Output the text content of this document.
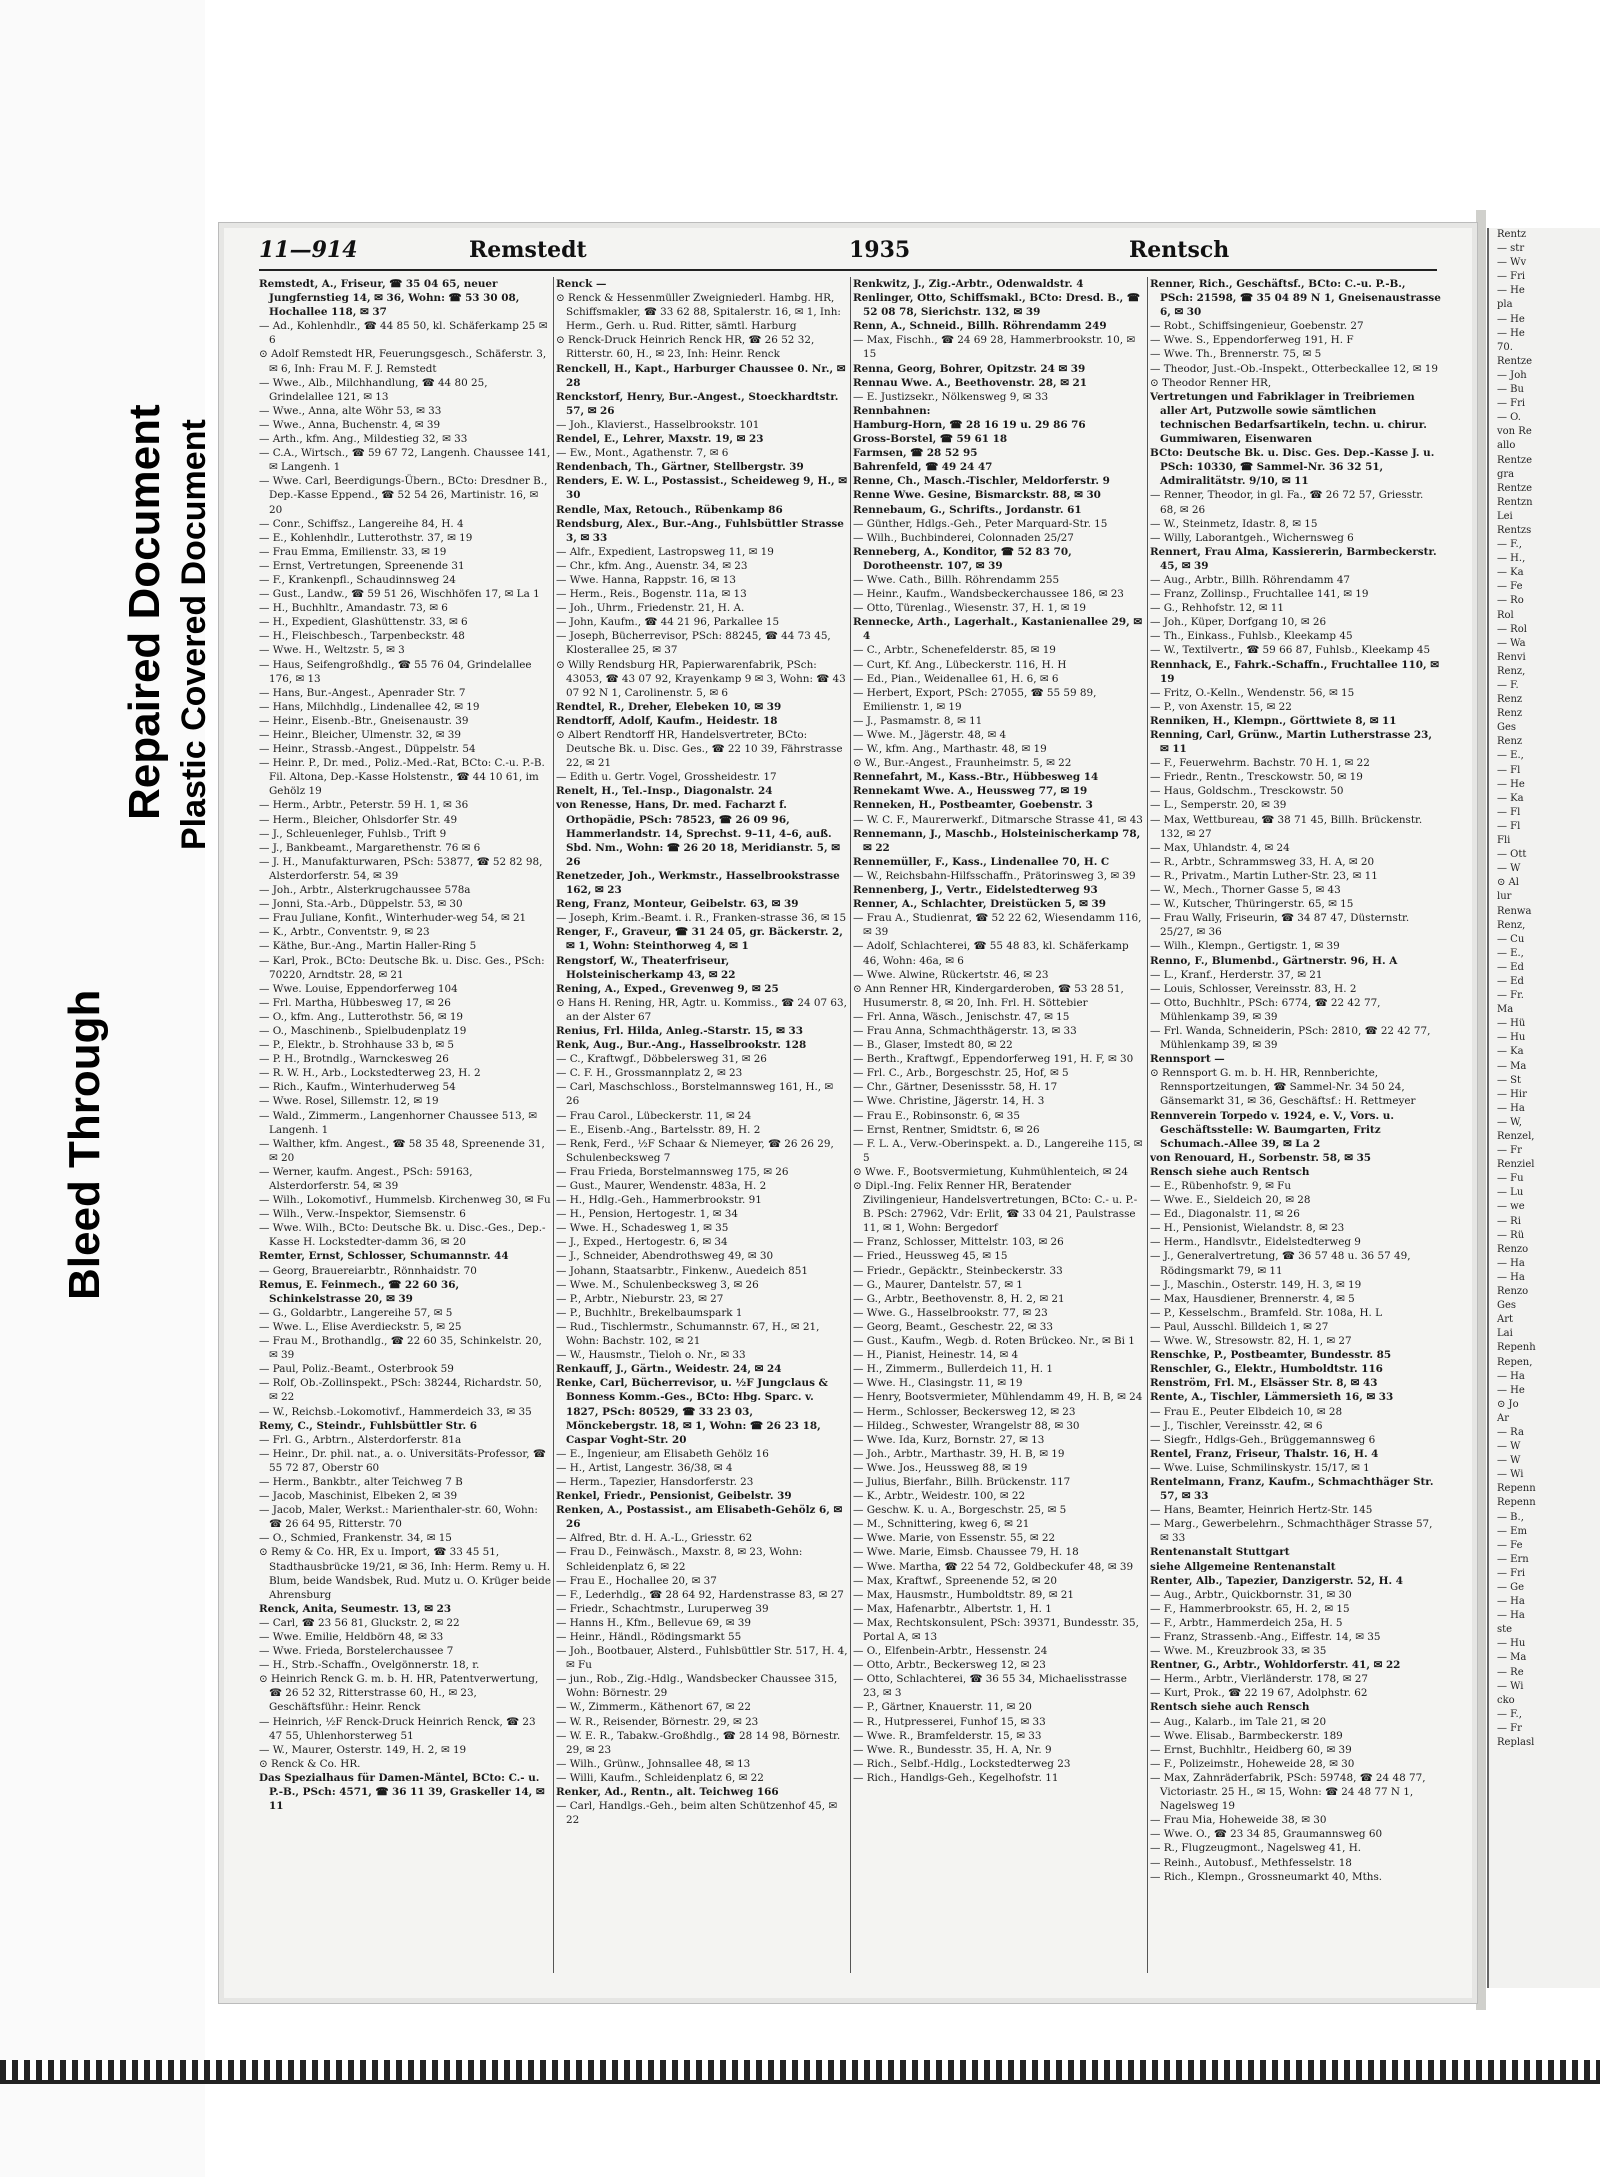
Bleed Through
Repaired Document Plastic Covered Document
11—914	Remstedt	1935	Rentsch

Remstedt, A., Friseur, ☎ 35 04 65, neuer Jungfernstieg 14, ✉ 36, Wohn: ☎ 53 30 08, Hochallee 118, ✉ 37

— Ad., Kohlenhdlr., ☎ 44 85 50, kl. Schäferkamp 25 ✉ 6

⊙ Adolf Remstedt HR, Feuerungsgesch., Schäferstr. 3, ✉ 6, Inh: Frau M. F. J. Remstedt

— Wwe., Alb., Milchhandlung, ☎ 44 80 25, Grindelallee 121, ✉ 13

— Wwe., Anna, alte Wöhr 53, ✉ 33

— Wwe., Anna, Buchenstr. 4, ✉ 39

— Arth., kfm. Ang., Mildestieg 32, ✉ 33

— C.A., Wirtsch., ☎ 59 67 72, Langenh. Chaussee 141, ✉ Langenh. 1

— Wwe. Carl, Beerdigungs-Übern., BCto: Dresdner B., Dep.-Kasse Eppend., ☎ 52 54 26, Martinistr. 16, ✉ 20

— Conr., Schiffsz., Langereihe 84, H. 4

— E., Kohlenhdlr., Lutterothstr. 37, ✉ 19

— Frau Emma, Emilienstr. 33, ✉ 19

— Ernst, Vertretungen, Spreenende 31

— F., Krankenpfl., Schaudinnsweg 24

— Gust., Landw., ☎ 59 51 26, Wischhöfen 17, ✉ La 1

— H., Buchhltr., Amandastr. 73, ✉ 6

— H., Expedient, Glashüttenstr. 33, ✉ 6

— H., Fleischbesch., Tarpenbeckstr. 48

— Wwe. H., Weltzstr. 5, ✉ 3

— Haus, Seifengroßhdlg., ☎ 55 76 04, Grindelallee 176, ✉ 13

— Hans, Bur.-Angest., Apenrader Str. 7

— Hans, Milchhdlg., Lindenallee 42, ✉ 19

— Heinr., Eisenb.-Btr., Gneisenaustr. 39

— Heinr., Bleicher, Ulmenstr. 32, ✉ 39

— Heinr., Strassb.-Angest., Düppelstr. 54

— Heinr. P., Dr. med., Poliz.-Med.-Rat, BCto: C.-u. P.-B. Fil. Altona, Dep.-Kasse Holstenstr., ☎ 44 10 61, im Gehölz 19

— Herm., Arbtr., Peterstr. 59 H. 1, ✉ 36

— Herm., Bleicher, Ohlsdorfer Str. 49

— J., Schleuenleger, Fuhlsb., Trift 9

— J., Bankbeamt., Margarethenstr. 76 ✉ 6

— J. H., Manufakturwaren, PSch: 53877, ☎ 52 82 98, Alsterdorferstr. 54, ✉ 39

— Joh., Arbtr., Alsterkrugchaussee 578a

— Jonni, Sta.-Arb., Düppelstr. 53, ✉ 30

— Frau Juliane, Konfit., Winterhuder-weg 54, ✉ 21

— K., Arbtr., Conventstr. 9, ✉ 23

— Käthe, Bur.-Ang., Martin Haller-Ring 5

— Karl, Prok., BCto: Deutsche Bk. u. Disc. Ges., PSch: 70220, Arndtstr. 28, ✉ 21

— Wwe. Louise, Eppendorferweg 104

— Frl. Martha, Hübbesweg 17, ✉ 26

— O., kfm. Ang., Lutterothstr. 56, ✉ 19

— O., Maschinenb., Spielbudenplatz 19

— P., Elektr., b. Strohhause 33 b, ✉ 5

— P. H., Brotndlg., Warnckesweg 26

— R. W. H., Arb., Lockstedterweg 23, H. 2

— Rich., Kaufm., Winterhuderweg 54

— Wwe. Rosel, Sillemstr. 12, ✉ 19

— Wald., Zimmerm., Langenhorner Chaussee 513, ✉ Langenh. 1

— Walther, kfm. Angest., ☎ 58 35 48, Spreenende 31, ✉ 20

— Werner, kaufm. Angest., PSch: 59163, Alsterdorferstr. 54, ✉ 39

— Wilh., Lokomotivf., Hummelsb. Kirchenweg 30, ✉ Fu

— Wilh., Verw.-Inspektor, Siemsenstr. 6

— Wwe. Wilh., BCto: Deutsche Bk. u. Disc.-Ges., Dep.-Kasse H. Lockstedter-damm 36, ✉ 20

Remter, Ernst, Schlosser, Schumannstr. 44

— Georg, Brauereiarbtr., Rönnhaidstr. 70

Remus, E. Feinmech., ☎ 22 60 36, Schinkelstrasse 20, ✉ 39

— G., Goldarbtr., Langereihe 57, ✉ 5

— Wwe. L., Elise Averdieckstr. 5, ✉ 25

— Frau M., Brothandlg., ☎ 22 60 35, Schinkelstr. 20, ✉ 39

— Paul, Poliz.-Beamt., Osterbrook 59

— Rolf, Ob.-Zollinspekt., PSch: 38244, Richardstr. 50, ✉ 22

— W., Reichsb.-Lokomotivf., Hammerdeich 33, ✉ 35

Remy, C., Steindr., Fuhlsbüttler Str. 6

— Frl. G., Arbtrn., Alsterdorferstr. 81a

— Heinr., Dr. phil. nat., a. o. Universitäts-Professor, ☎ 55 72 87, Oberstr 60

— Herm., Bankbtr., alter Teichweg 7 B

— Jacob, Maschinist, Elbeken 2, ✉ 39

— Jacob, Maler, Werkst.: Marienthaler-str. 60, Wohn: ☎ 26 64 95, Ritterstr. 70

— O., Schmied, Frankenstr. 34, ✉ 15

⊙ Remy & Co. HR, Ex u. Import, ☎ 33 45 51, Stadthausbrücke 19/21, ✉ 36, Inh: Herm. Remy u. H. Blum, beide Wandsbek, Rud. Mutz u. O. Krüger beide Ahrensburg

Renck, Anita, Seumestr. 13, ✉ 23

— Carl, ☎ 23 56 81, Gluckstr. 2, ✉ 22

— Wwe. Emilie, Heldbörn 48, ✉ 33

— Wwe. Frieda, Borstelerchaussee 7

— H., Strb.-Schaffn., Ovelgönnerstr. 18, r.

⊙ Heinrich Renck G. m. b. H. HR, Patentverwertung, ☎ 26 52 32, Ritterstrasse 60, H., ✉ 23, Geschäftsführ.: Heinr. Renck

— Heinrich, ½F Renck-Druck Heinrich Renck, ☎ 23 47 55, Uhlenhorsterweg 51

— W., Maurer, Osterstr. 149, H. 2, ✉ 19

⊙ Renck & Co. HR.

Das Spezialhaus für Damen-Mäntel, BCto: C.- u. P.-B., PSch: 4571, ☎ 36 11 39, Graskeller 14, ✉ 11

Renck —

⊙ Renck & Hessenmüller Zweigniederl. Hambg. HR, Schiffsmakler, ☎ 33 62 88, Spitalerstr. 16, ✉ 1, Inh: Herm., Gerh. u. Rud. Ritter, sämtl. Harburg

⊙ Renck-Druck Heinrich Renck HR, ☎ 26 52 32, Ritterstr. 60, H., ✉ 23, Inh: Heinr. Renck

Renckell, H., Kapt., Harburger Chaussee 0. Nr., ✉ 28

Renckstorf, Henry, Bur.-Angest., Stoeckhardtstr. 57, ✉ 26

— Joh., Klavierst., Hasselbrookstr. 101

Rendel, E., Lehrer, Maxstr. 19, ✉ 23

— Ew., Mont., Agathenstr. 7, ✉ 6

Rendenbach, Th., Gärtner, Stellbergstr. 39

Renders, E. W. L., Postassist., Scheideweg 9, H., ✉ 30

Rendle, Max, Retouch., Rübenkamp 86

Rendsburg, Alex., Bur.-Ang., Fuhlsbüttler Strasse 3, ✉ 33

— Alfr., Expedient, Lastropsweg 11, ✉ 19

— Chr., kfm. Ang., Auenstr. 34, ✉ 23

— Wwe. Hanna, Rappstr. 16, ✉ 13

— Herm., Reis., Bogenstr. 11a, ✉ 13

— Joh., Uhrm., Friedenstr. 21, H. A.

— John, Kaufm., ☎ 44 21 96, Parkallee 15

— Joseph, Bücherrevisor, PSch: 88245, ☎ 44 73 45, Klosterallee 25, ✉ 37

⊙ Willy Rendsburg HR, Papierwarenfabrik, PSch: 43053, ☎ 43 07 92, Krayenkamp 9 ✉ 3, Wohn: ☎ 43 07 92 N 1, Carolinenstr. 5, ✉ 6

Rendtel, R., Dreher, Elebeken 10, ✉ 39

Rendtorff, Adolf, Kaufm., Heidestr. 18

⊙ Albert Rendtorff HR, Handelsvertreter, BCto: Deutsche Bk. u. Disc. Ges., ☎ 22 10 39, Fährstrasse 22, ✉ 21

— Edith u. Gertr. Vogel, Grossheidestr. 17

Renelt, H., Tel.-Insp., Diagonalstr. 24

von Renesse, Hans, Dr. med. Facharzt f. Orthopädie, PSch: 78523, ☎ 26 09 96, Hammerlandstr. 14, Sprechst. 9–11, 4–6, auß. Sbd. Nm., Wohn: ☎ 26 20 18, Meridianstr. 5, ✉ 26

Renetzeder, Joh., Werkmstr., Hasselbrookstrasse 162, ✉ 23

Reng, Franz, Monteur, Geibelstr. 63, ✉ 39

— Joseph, Krim.-Beamt. i. R., Franken-strasse 36, ✉ 15

Renger, F., Graveur, ☎ 31 24 05, gr. Bäckerstr. 2, ✉ 1, Wohn: Steinthorweg 4, ✉ 1

Rengstorf, W., Theaterfriseur, Holsteinischerkamp 43, ✉ 22

Rening, A., Exped., Grevenweg 9, ✉ 25

⊙ Hans H. Rening, HR, Agtr. u. Kommiss., ☎ 24 07 63, an der Alster 67

Renius, Frl. Hilda, Anleg.-Starstr. 15, ✉ 33

Renk, Aug., Bur.-Ang., Hasselbrookstr. 128

— C., Kraftwgf., Döbbelersweg 31, ✉ 26

— C. F. H., Grossmannplatz 2, ✉ 23

— Carl, Maschschloss., Borstelmannsweg 161, H., ✉ 26

— Frau Carol., Lübeckerstr. 11, ✉ 24

— E., Eisenb.-Ang., Bartelsstr. 89, H. 2

— Renk, Ferd., ½F Schaar & Niemeyer, ☎ 26 26 29, Schulenbecksweg 7

— Frau Frieda, Borstelmannsweg 175, ✉ 26

— Gust., Maurer, Wendenstr. 483a, H. 2

— H., Hdlg.-Geh., Hammerbrookstr. 91

— H., Pension, Hertogestr. 1, ✉ 34

— Wwe. H., Schadesweg 1, ✉ 35

— J., Exped., Hertogestr. 6, ✉ 34

— J., Schneider, Abendrothsweg 49, ✉ 30

— Johann, Staatsarbtr., Finkenw., Auedeich 851

— Wwe. M., Schulenbecksweg 3, ✉ 26

— P., Arbtr., Nieburstr. 23, ✉ 27

— P., Buchhltr., Brekelbaumspark 1

— Rud., Tischlermstr., Schumannstr. 67, H., ✉ 21, Wohn: Bachstr. 102, ✉ 21

— W., Hausmstr., Tieloh o. Nr., ✉ 33

Renkauff, J., Gärtn., Weidestr. 24, ✉ 24

Renke, Carl, Bücherrevisor, u. ½F Jungclaus & Bonness Komm.-Ges., BCto: Hbg. Sparc. v. 1827, PSch: 80529, ☎ 33 23 03, Mönckebergstr. 18, ✉ 1, Wohn: ☎ 26 23 18, Caspar Voght-Str. 20

— E., Ingenieur, am Elisabeth Gehölz 16

— H., Artist, Langestr. 36/38, ✉ 4

— Herm., Tapezier, Hansdorferstr. 23

Renkel, Friedr., Pensionist, Geibelstr. 39

Renken, A., Postassist., am Elisabeth-Gehölz 6, ✉ 26

— Alfred, Btr. d. H. A.-L., Griesstr. 62

— Frau D., Feinwäsch., Maxstr. 8, ✉ 23, Wohn: Schleidenplatz 6, ✉ 22

— Frau E., Hochallee 20, ✉ 37

— F., Lederhdlg., ☎ 28 64 92, Hardenstrasse 83, ✉ 27

— Friedr., Schachtmstr., Luruperweg 39

— Hanns H., Kfm., Bellevue 69, ✉ 39

— Heinr., Händl., Rödingsmarkt 55

— Joh., Bootbauer, Alsterd., Fuhlsbüttler Str. 517, H. 4, ✉ Fu

— jun., Rob., Zig.-Hdlg., Wandsbecker Chaussee 315, Wohn: Börnestr. 29

— W., Zimmerm., Käthenort 67, ✉ 22

— W. R., Reisender, Börnestr. 29, ✉ 23

— W. E. R., Tabakw.-Großhdlg., ☎ 28 14 98, Börnestr. 29, ✉ 23

— Wilh., Grünw., Johnsallee 48, ✉ 13

— Willi, Kaufm., Schleidenplatz 6, ✉ 22

Renker, Ad., Rentn., alt. Teichweg 166

— Carl, Handlgs.-Geh., beim alten Schützenhof 45, ✉ 22

Renkwitz, J., Zig.-Arbtr., Odenwaldstr. 4

Renlinger, Otto, Schiffsmakl., BCto: Dresd. B., ☎ 52 08 78, Sierichstr. 132, ✉ 39

Renn, A., Schneid., Billh. Röhrendamm 249

— Max, Fischh., ☎ 24 69 28, Hammerbrookstr. 10, ✉ 15

Renna, Georg, Bohrer, Opitzstr. 24 ✉ 39

Rennau Wwe. A., Beethovenstr. 28, ✉ 21

— E. Justizsekr., Nölkensweg 9, ✉ 33

Rennbahnen:

Hamburg-Horn, ☎ 28 16 19 u. 29 86 76

Gross-Borstel, ☎ 59 61 18

Farmsen, ☎ 28 52 95

Bahrenfeld, ☎ 49 24 47

Renne, Ch., Masch.-Tischler, Meldorferstr. 9

Renne Wwe. Gesine, Bismarckstr. 88, ✉ 30

Rennebaum, G., Schrifts., Jordanstr. 61

— Günther, Hdlgs.-Geh., Peter Marquard-Str. 15

— Wilh., Buchbinderei, Colonnaden 25/27

Renneberg, A., Konditor, ☎ 52 83 70, Dorotheenstr. 107, ✉ 39

— Wwe. Cath., Billh. Röhrendamm 255

— Heinr., Kaufm., Wandsbeckerchaussee 186, ✉ 23

— Otto, Türenlag., Wiesenstr. 37, H. 1, ✉ 19

Rennecke, Arth., Lagerhalt., Kastanienallee 29, ✉ 4

— C., Arbtr., Schenefelderstr. 85, ✉ 19

— Curt, Kf. Ang., Lübeckerstr. 116, H. H

— Ed., Pian., Weidenallee 61, H. 6, ✉ 6

— Herbert, Export, PSch: 27055, ☎ 55 59 89, Emilienstr. 1, ✉ 19

— J., Pasmamstr. 8, ✉ 11

— Wwe. M., Jägerstr. 48, ✉ 4

— W., kfm. Ang., Marthastr. 48, ✉ 19

⊙ W., Bur.-Angest., Fraunheimstr. 5, ✉ 22

Rennefahrt, M., Kass.-Btr., Hübbesweg 14

Rennekamt Wwe. A., Heussweg 77, ✉ 19

Renneken, H., Postbeamter, Goebenstr. 3

— W. C. F., Maurerwerkf., Ditmarsche Strasse 41, ✉ 43

Rennemann, J., Maschb., Holsteinischerkamp 78, ✉ 22

Rennemüller, F., Kass., Lindenallee 70, H. C

— W., Reichsbahn-Hilfsschaffn., Prätorinsweg 3, ✉ 39

Rennenberg, J., Vertr., Eidelstedterweg 93

Renner, A., Schlachter, Dreistücken 5, ✉ 39

— Frau A., Studienrat, ☎ 52 22 62, Wiesendamm 116, ✉ 39

— Adolf, Schlachterei, ☎ 55 48 83, kl. Schäferkamp 46, Wohn: 46a, ✉ 6

— Wwe. Alwine, Rückertstr. 46, ✉ 23

⊙ Ann Renner HR, Kindergarderoben, ☎ 53 28 51, Husumerstr. 8, ✉ 20, Inh. Frl. H. Söttebier

— Frl. Anna, Wäsch., Jenischstr. 47, ✉ 15

— Frau Anna, Schmachthägerstr. 13, ✉ 33

— B., Glaser, Imstedt 80, ✉ 22

— Berth., Kraftwgf., Eppendorferweg 191, H. F, ✉ 30

— Frl. C., Arb., Borgeschstr. 25, Hof, ✉ 5

— Chr., Gärtner, Desenissstr. 58, H. 17

— Wwe. Christine, Jägerstr. 14, H. 3

— Frau E., Robinsonstr. 6, ✉ 35

— Ernst, Rentner, Smidtstr. 6, ✉ 26

— F. L. A., Verw.-Oberinspekt. a. D., Langereihe 115, ✉ 5

⊙ Wwe. F., Bootsvermietung, Kuhmühlenteich, ✉ 24

⊙ Dipl.-Ing. Felix Renner HR, Beratender Zivilingenieur, Handelsvertretungen, BCto: C.- u. P.-B. PSch: 27962, Vdr: Erlit, ☎ 33 04 21, Paulstrasse 11, ✉ 1, Wohn: Bergedorf

— Franz, Schlosser, Mittelstr. 103, ✉ 26

— Fried., Heussweg 45, ✉ 15

— Friedr., Gepäcktr., Steinbeckerstr. 33

— G., Maurer, Dantelstr. 57, ✉ 1

— G., Arbtr., Beethovenstr. 8, H. 2, ✉ 21

— Wwe. G., Hasselbrookstr. 77, ✉ 23

— Georg, Beamt., Geschestr. 22, ✉ 33

— Gust., Kaufm., Wegb. d. Roten Brückeo. Nr., ✉ Bi 1

— H., Pianist, Heinestr. 14, ✉ 4

— H., Zimmerm., Bullerdeich 11, H. 1

— Wwe. H., Clasingstr. 11, ✉ 19

— Henry, Bootsvermieter, Mühlendamm 49, H. B, ✉ 24

— Herm., Schlosser, Beckersweg 12, ✉ 23

— Hildeg., Schwester, Wrangelstr 88, ✉ 30

— Wwe. Ida, Kurz, Bornstr. 27, ✉ 13

— Joh., Arbtr., Marthastr. 39, H. B, ✉ 19

— Wwe. Jos., Heussweg 88, ✉ 19

— Julius, Bierfahr., Billh. Brückenstr. 117

— K., Arbtr., Weidestr. 100, ✉ 22

— Geschw. K. u. A., Borgeschstr. 25, ✉ 5

— M., Schnittering, kweg 6, ✉ 21

— Wwe. Marie, von Essenstr. 55, ✉ 22

— Wwe. Marie, Eimsb. Chaussee 79, H. 18

— Wwe. Martha, ☎ 22 54 72, Goldbeckufer 48, ✉ 39

— Max, Kraftwf., Spreenende 52, ✉ 20

— Max, Hausmstr., Humboldtstr. 89, ✉ 21

— Max, Hafenarbtr., Albertstr. 1, H. 1

— Max, Rechtskonsulent, PSch: 39371, Bundesstr. 35, Portal A, ✉ 13

— O., Elfenbein-Arbtr., Hessenstr. 24

— Otto, Arbtr., Beckersweg 12, ✉ 23

— Otto, Schlachterei, ☎ 36 55 34, Michaelisstrasse 23, ✉ 3

— P., Gärtner, Knauerstr. 11, ✉ 20

— R., Hutpresserei, Funhof 15, ✉ 33

— Wwe. R., Bramfelderstr. 15, ✉ 33

— Wwe. R., Bundesstr. 35, H. A, Nr. 9

— Rich., Selbf.-Hdlg., Lockstedterweg 23

— Rich., Handlgs-Geh., Kegelhofstr. 11

Renner, Rich., Geschäftsf., BCto: C.-u. P.-B., PSch: 21598, ☎ 35 04 89 N 1, Gneisenaustrasse 6, ✉ 30

— Robt., Schiffsingenieur, Goebenstr. 27

— Wwe. S., Eppendorferweg 191, H. F

— Wwe. Th., Brennerstr. 75, ✉ 5

— Theodor, Just.-Ob.-Inspekt., Otterbeckallee 12, ✉ 19

⊙ Theodor Renner HR,

Vertretungen und Fabriklager in Treibriemen aller Art, Putzwolle sowie sämtlichen technischen Bedarfsartikeln, techn. u. chirur. Gummiwaren, Eisenwaren

BCto: Deutsche Bk. u. Disc. Ges. Dep.-Kasse J. u. PSch: 10330, ☎ Sammel-Nr. 36 32 51, Admiralitätstr. 9/10, ✉ 11

— Renner, Theodor, in gl. Fa., ☎ 26 72 57, Griesstr. 68, ✉ 26

— W., Steinmetz, Idastr. 8, ✉ 15

— Willy, Laborantgeh., Wichernsweg 6

Rennert, Frau Alma, Kassiererin, Barmbeckerstr. 45, ✉ 39

— Aug., Arbtr., Billh. Röhrendamm 47

— Franz, Zollinsp., Fruchtallee 141, ✉ 19

— G., Rehhofstr. 12, ✉ 11

— Joh., Küper, Dorfgang 10, ✉ 26

— Th., Einkass., Fuhlsb., Kleekamp 45

— W., Textilvertr., ☎ 59 66 87, Fuhlsb., Kleekamp 45

Rennhack, E., Fahrk.-Schaffn., Fruchtallee 110, ✉ 19

— Fritz, O.-Kelln., Wendenstr. 56, ✉ 15

— P., von Axenstr. 15, ✉ 22

Renniken, H., Klempn., Görttwiete 8, ✉ 11

Renning, Carl, Grünw., Martin Lutherstrasse 23, ✉ 11

— F., Feuerwehrm. Bachstr. 70 H. 1, ✉ 22

— Friedr., Rentn., Tresckowstr. 50, ✉ 19

— Haus, Goldschm., Tresckowstr. 50

— L., Semperstr. 20, ✉ 39

— Max, Wettbureau, ☎ 38 71 45, Billh. Brückenstr. 132, ✉ 27

— Max, Uhlandstr. 4, ✉ 24

— R., Arbtr., Schrammsweg 33, H. A, ✉ 20

— R., Privatm., Martin Luther-Str. 23, ✉ 11

— W., Mech., Thorner Gasse 5, ✉ 43

— W., Kutscher, Thüringerstr. 65, ✉ 15

— Frau Wally, Friseurin, ☎ 34 87 47, Düsternstr. 25/27, ✉ 36

— Wilh., Klempn., Gertigstr. 1, ✉ 39

Renno, F., Blumenbd., Gärtnerstr. 96, H. A

— L., Kranf., Herderstr. 37, ✉ 21

— Louis, Schlosser, Vereinsstr. 83, H. 2

— Otto, Buchhltr., PSch: 6774, ☎ 22 42 77, Mühlenkamp 39, ✉ 39

— Frl. Wanda, Schneiderin, PSch: 2810, ☎ 22 42 77, Mühlenkamp 39, ✉ 39

Rennsport —

⊙ Rennsport G. m. b. H. HR, Rennberichte, Rennsportzeitungen, ☎ Sammel-Nr. 34 50 24, Gänsemarkt 31, ✉ 36, Geschäftsf.: H. Rettmeyer

Rennverein Torpedo v. 1924, e. V., Vors. u. Geschäftsstelle: W. Baumgarten, Fritz Schumach.-Allee 39, ✉ La 2

von Renouard, H., Sorbenstr. 58, ✉ 35

Rensch siehe auch Rentsch

— E., Rübenhofstr. 9, ✉ Fu

— Wwe. E., Sieldeich 20, ✉ 28

— Ed., Diagonalstr. 11, ✉ 26

— H., Pensionist, Wielandstr. 8, ✉ 23

— Herm., Handlsvtr., Eidelstedterweg 9

— J., Generalvertretung, ☎ 36 57 48 u. 36 57 49, Rödingsmarkt 79, ✉ 11

— J., Maschin., Osterstr. 149, H. 3, ✉ 19

— Max, Hausdiener, Brennerstr. 4, ✉ 5

— P., Kesselschm., Bramfeld. Str. 108a, H. L

— Paul, Ausschl. Billdeich 1, ✉ 27

— Wwe. W., Stresowstr. 82, H. 1, ✉ 27

Renschke, P., Postbeamter, Bundesstr. 85

Renschler, G., Elektr., Humboldtstr. 116

Renström, Frl. M., Elsässer Str. 8, ✉ 43

Rente, A., Tischler, Lämmersieth 16, ✉ 33

— Frau E., Peuter Elbdeich 10, ✉ 28

— J., Tischler, Vereinsstr. 42, ✉ 6

— Siegfr., Hdlgs-Geh., Brüggemannsweg 6

Rentel, Franz, Friseur, Thalstr. 16, H. 4

— Wwe. Luise, Schmilinskystr. 15/17, ✉ 1

Rentelmann, Franz, Kaufm., Schmachthäger Str. 57, ✉ 33

— Hans, Beamter, Heinrich Hertz-Str. 145

— Marg., Gewerbelehrn., Schmachthäger Strasse 57, ✉ 33

Rentenanstalt Stuttgart

siehe Allgemeine Rentenanstalt

Renter, Alb., Tapezier, Danzigerstr. 52, H. 4

— Aug., Arbtr., Quickbornstr. 31, ✉ 30

— F., Hammerbrookstr. 65, H. 2, ✉ 15

— F., Arbtr., Hammerdeich 25a, H. 5

— Franz, Strassenb.-Ang., Eiffestr. 14, ✉ 35

— Wwe. M., Kreuzbrook 33, ✉ 35

Rentner, G., Arbtr., Wohldorferstr. 41, ✉ 22

— Herm., Arbtr., Vierländerstr. 178, ✉ 27

— Kurt, Prok., ☎ 22 19 67, Adolphstr. 62

Rentsch siehe auch Rensch

— Aug., Kalarb., im Tale 21, ✉ 20

— Wwe. Elisab., Barmbeckerstr. 189

— Ernst, Buchhltr., Heidberg 60, ✉ 39

— F., Polizeimstr., Hoheweide 28, ✉ 30

— Max, Zahnräderfabrik, PSch: 59748, ☎ 24 48 77, Victoriastr. 25 H., ✉ 15, Wohn: ☎ 24 48 77 N 1, Nagelsweg 19

— Frau Mia, Hoheweide 38, ✉ 30

— Wwe. O., ☎ 23 34 85, Graumannsweg 60

— R., Flugzeugmont., Nagelsweg 41, H.

— Reinh., Autobusf., Methfesselstr. 18

— Rich., Klempn., Grossneumarkt 40, Mths.

Rentz

— str

— Wv

— Fri

— He

pla

— He

— He

70.

Rentze

— Joh

— Bu

— Fri

— O.

von Re

allo

Rentze

gra

Rentze

Rentzn

Lei

Rentzs

— F.,

— H.,

— Ka

— Fe

— Ro

Rol

— Rol

— Wa

Renvi

Renz,

— F.

Renz

Renz

Ges

Renz

— E.,

— Fl

— He

— Ka

— Fl

— Fl

Fli

— Ott

— W

⊙ Al

lur

Renwa

Renz,

— Cu

— E.,

— Ed

— Ed

— Fr.

Ma

— Hü

— Hu

— Ka

— Ma

— St

— Hir

— Ha

— W,

Renzel,

— Fr

Renziel

— Fu

— Lu

— we

— Ri

— Rü

Renzo

— Ha

— Ha

Renzo

Ges

Art

Lai

Repenh

Repen,

— Ha

— He

⊙ Jo

Ar

— Ra

— W

— W

— Wi

Repenn

Repenn

— B.,

— Em

— Fe

— Ern

— Fri

— Ge

— Ha

— Ha

ste

— Hu

— Ma

— Re

— Wi

cko

— F.,

— Fr

Replasl
